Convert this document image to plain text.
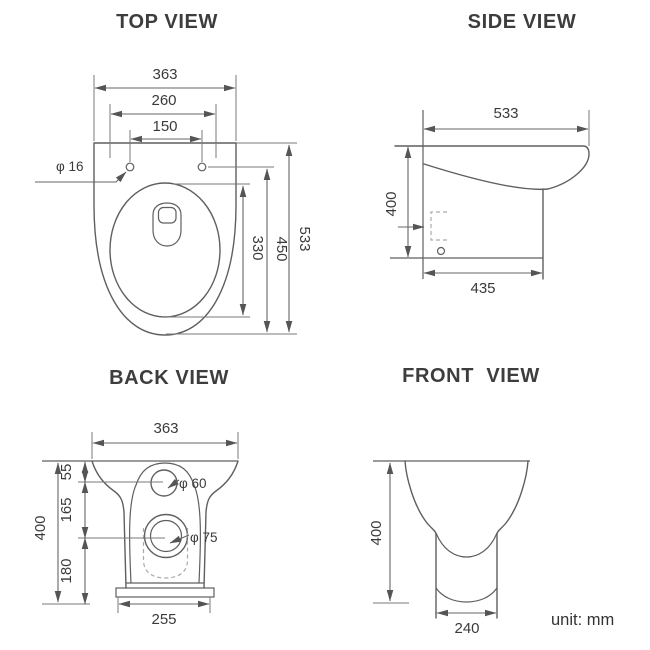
TOP VIEW
363
260
150
φ 16
330 450 533
SIDE VIEW
533
400
435
BACK VIEW
363
400
55
165
180
φ 60
φ 75
255
FRONT  VIEW
400
240	unit: mm
